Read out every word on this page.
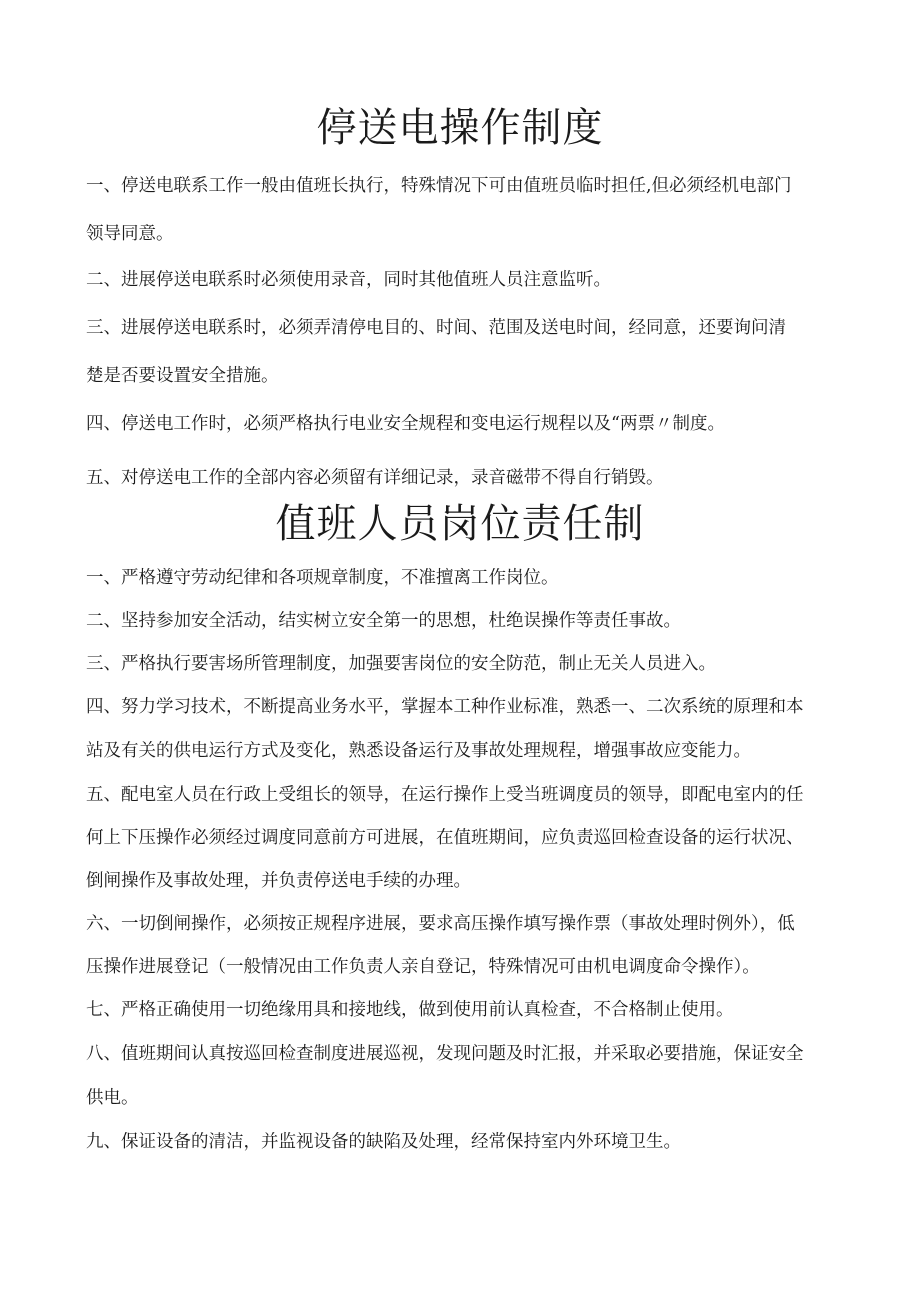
停送电操作制度

一、停送电联系工作一般由值班长执行，特殊情况下可由值班员临时担任,但必须经机电部门

领导同意。

二、进展停送电联系时必须使用录音，同时其他值班人员注意监听。

三、进展停送电联系时，必须弄清停电目的、时间、范围及送电时间，经同意，还要询问清

楚是否要设置安全措施。

四、停送电工作时，必须严格执行电业安全规程和变电运行规程以及“两票〃制度。

五、对停送电工作的全部内容必须留有详细记录，录音磁带不得自行销毁。

值班人员岗位责任制

一、严格遵守劳动纪律和各项规章制度，不准擅离工作岗位。

二、坚持参加安全活动，结实树立安全第一的思想，杜绝误操作等责任事故。

三、严格执行要害场所管理制度，加强要害岗位的安全防范，制止无关人员进入。

四、努力学习技术，不断提高业务水平，掌握本工种作业标准，熟悉一、二次系统的原理和本

站及有关的供电运行方式及变化，熟悉设备运行及事故处理规程，增强事故应变能力。

五、配电室人员在行政上受组长的领导，在运行操作上受当班调度员的领导，即配电室内的任

何上下压操作必须经过调度同意前方可进展，在值班期间，应负责巡回检查设备的运行状况、

倒闸操作及事故处理，并负责停送电手续的办理。

六、一切倒闸操作，必须按正规程序进展，要求高压操作填写操作票（事故处理时例外），低

压操作进展登记（一般情况由工作负责人亲自登记，特殊情况可由机电调度命令操作）。

七、严格正确使用一切绝缘用具和接地线，做到使用前认真检查，不合格制止使用。

八、值班期间认真按巡回检查制度进展巡视，发现问题及时汇报，并采取必要措施，保证安全

供电。

九、保证设备的清洁，并监视设备的缺陷及处理，经常保持室内外环境卫生。
